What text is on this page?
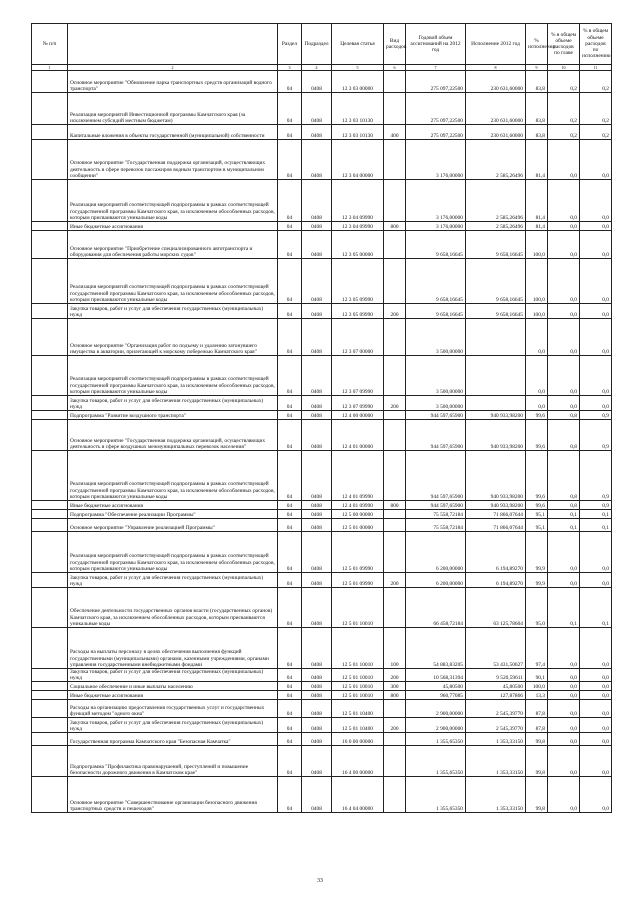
№ п/п		Раздел	Подраздел	Целевая статья	Вид расходов	Годовой объем ассигнований на 2012 год	Исполнение 2012 год	% исполнения	% в общем объеме расходов по главе	% в общем объеме расходов по исполнению
1	2	3	4	5	6	7	8	9	10	11
	Основное мероприятие "Обновление парка транспортных средств организаций водного транспорта"	04	0408	12 3 03 00000		275 097,22500	230 631,60000	83,8	0,2	0,2
	Реализация мероприятий Инвестиционной программы Камчатского края (за исключением субсидий местным бюджетам)	04	0408	12 3 03 10130		275 097,22500	230 631,60000	83,8	0,2	0,2
	Капитальные вложения в объекты государственной (муниципальной) собственности	04	0408	12 3 03 10130	400	275 097,22500	230 631,60000	83,8	0,2	0,2
	Основное мероприятие "Государственная поддержка организаций, осуществляющих деятельность в сфере перевозок пассажиров водным транспортом в муниципальном сообщении"	04	0408	12 3 04 00000		3 176,00000	2 585,26496	81,4	0,0	0,0
	Реализация мероприятий соответствующей подпрограммы в рамках соответствующей государственной программы Камчатского края, за исключением обособленных расходов, которым присваиваются уникальные коды	04	0408	12 3 04 09990		3 176,00000	2 585,26496	81,4	0,0	0,0
	Иные бюджетные ассигнования	04	0408	12 3 04 09990	800	3 176,00000	2 585,26496	81,4	0,0	0,0
	Основное мероприятие "Приобретение специализированного автотранспорта и оборудования для обеспечения работы морских судов"	04	0408	12 3 05 00000		9 658,16645	9 658,16645	100,0	0,0	0,0
	Реализация мероприятий соответствующей подпрограммы в рамках соответствующей государственной программы Камчатского края, за исключением обособленных расходов, которым присваиваются уникальные коды	04	0408	12 3 05 09990		9 658,16645	9 658,16645	100,0	0,0	0,0
	Закупка товаров, работ и услуг для обеспечения государственных (муниципальных) нужд	04	0408	12 3 05 09990	200	9 658,16645	9 658,16645	100,0	0,0	0,0
	Основное мероприятие "Организация работ по подъему и удалению затонувшего имущества в акватории, прилегающей к морскому побережью Камчатского края"	04	0408	12 3 07 00000		3 500,00000		0,0	0,0	0,0
	Реализация мероприятий соответствующей подпрограммы в рамках соответствующей государственной программы Камчатского края, за исключением обособленных расходов, которым присваиваются уникальные коды	04	0408	12 3 07 09990		3 500,00000		0,0	0,0	0,0
	Закупка товаров, работ и услуг для обеспечения государственных (муниципальных) нужд	04	0408	12 3 07 09990	200	3 500,00000		0,0	0,0	0,0
	Подпрограмма "Развитие воздушного транспорта"	04	0408	12 4 00 00000		944 597,65900	940 933,98200	99,6	0,8	0,9
	Основное мероприятие "Государственная поддержка организаций, осуществляющих деятельность в сфере воздушных межмуниципальных перевозок населения"	04	0408	12 4 01 00000		944 597,65900	940 933,98200	99,6	0,8	0,9
	Реализация мероприятий соответствующей подпрограммы в рамках соответствующей государственной программы Камчатского края, за исключением обособленных расходов, которым присваиваются уникальные коды	04	0408	12 4 01 09990		944 597,65900	940 933,98200	99,6	0,8	0,9
	Иные бюджетные ассигнования	04	0408	12 4 01 09990	800	944 597,65900	940 933,98200	99,6	0,8	0,9
	Подпрограмма "Обеспечение реализации Программы"	04	0408	12 5 00 00000		75 558,72184	71 866,07644	95,1	0,1	0,1
	Основное мероприятие "Управление реализацией Программы"	04	0408	12 5 01 00000		75 558,72184	71 866,07644	95,1	0,1	0,1
	Реализация мероприятий соответствующей подпрограммы в рамках соответствующей государственной программы Камчатского края, за исключением обособленных расходов, которым присваиваются уникальные коды	04	0408	12 5 01 09990		6 200,00000	6 194,89270	99,9	0,0	0,0
	Закупка товаров, работ и услуг для обеспечения государственных (муниципальных) нужд	04	0408	12 5 01 09990	200	6 200,00000	6 194,89270	99,9	0,0	0,0
	Обеспечение деятельности государственных органов власти (государственных органов) Камчатского края, за исключением обособленных расходов, которым присваиваются уникальные коды	04	0408	12 5 01 10010		66 458,72184	63 125,78604	95,0	0,1	0,1
	Расходы на выплаты персоналу в целях обеспечения выполнения функций государственными (муниципальными) органами, казенными учреждениями, органами управления государственными внебюджетными фондами	04	0408	12 5 01 10010	100	54 883,83205	53 431,50627	97,4	0,0	0,0
	Закупка товаров, работ и услуг для обеспечения государственных (муниципальных) нужд	04	0408	12 5 01 10010	200	10 568,31394	9 520,59611	90,1	0,0	0,0
	Социальное обеспечение и иные выплаты населению	04	0408	12 5 01 10010	300	45,80500	45,80500	100,0	0,0	0,0
	Иные бюджетные ассигнования	04	0408	12 5 01 10010	800	960,77085	127,87866	13,3	0,0	0,0
	Расходы на организацию предоставления государственных услуг и государственных функций методом "одного окна"	04	0408	12 5 01 10400		2 900,00000	2 545,39770	87,8	0,0	0,0
	Закупка товаров, работ и услуг для обеспечения государственных (муниципальных) нужд	04	0408	12 5 01 10400	200	2 900,00000	2 545,39770	87,8	0,0	0,0
	Государственная программа Камчатского края "Безопасная Камчатка"	04	0408	16 0 00 00000		1 355,65350	1 353,33150	99,8	0,0	0,0
	Подпрограмма "Профилактика правонарушений, преступлений и повышение безопасности дорожного движения в Камчатском крае"	04	0408	16 4 00 00000		1 355,65350	1 353,33150	99,8	0,0	0,0
	Основное мероприятие "Совершенствование организации безопасного движения транспортных средств и пешеходов"	04	0408	16 4 04 00000		1 355,65350	1 353,33150	99,8	0,0	0,0
33
